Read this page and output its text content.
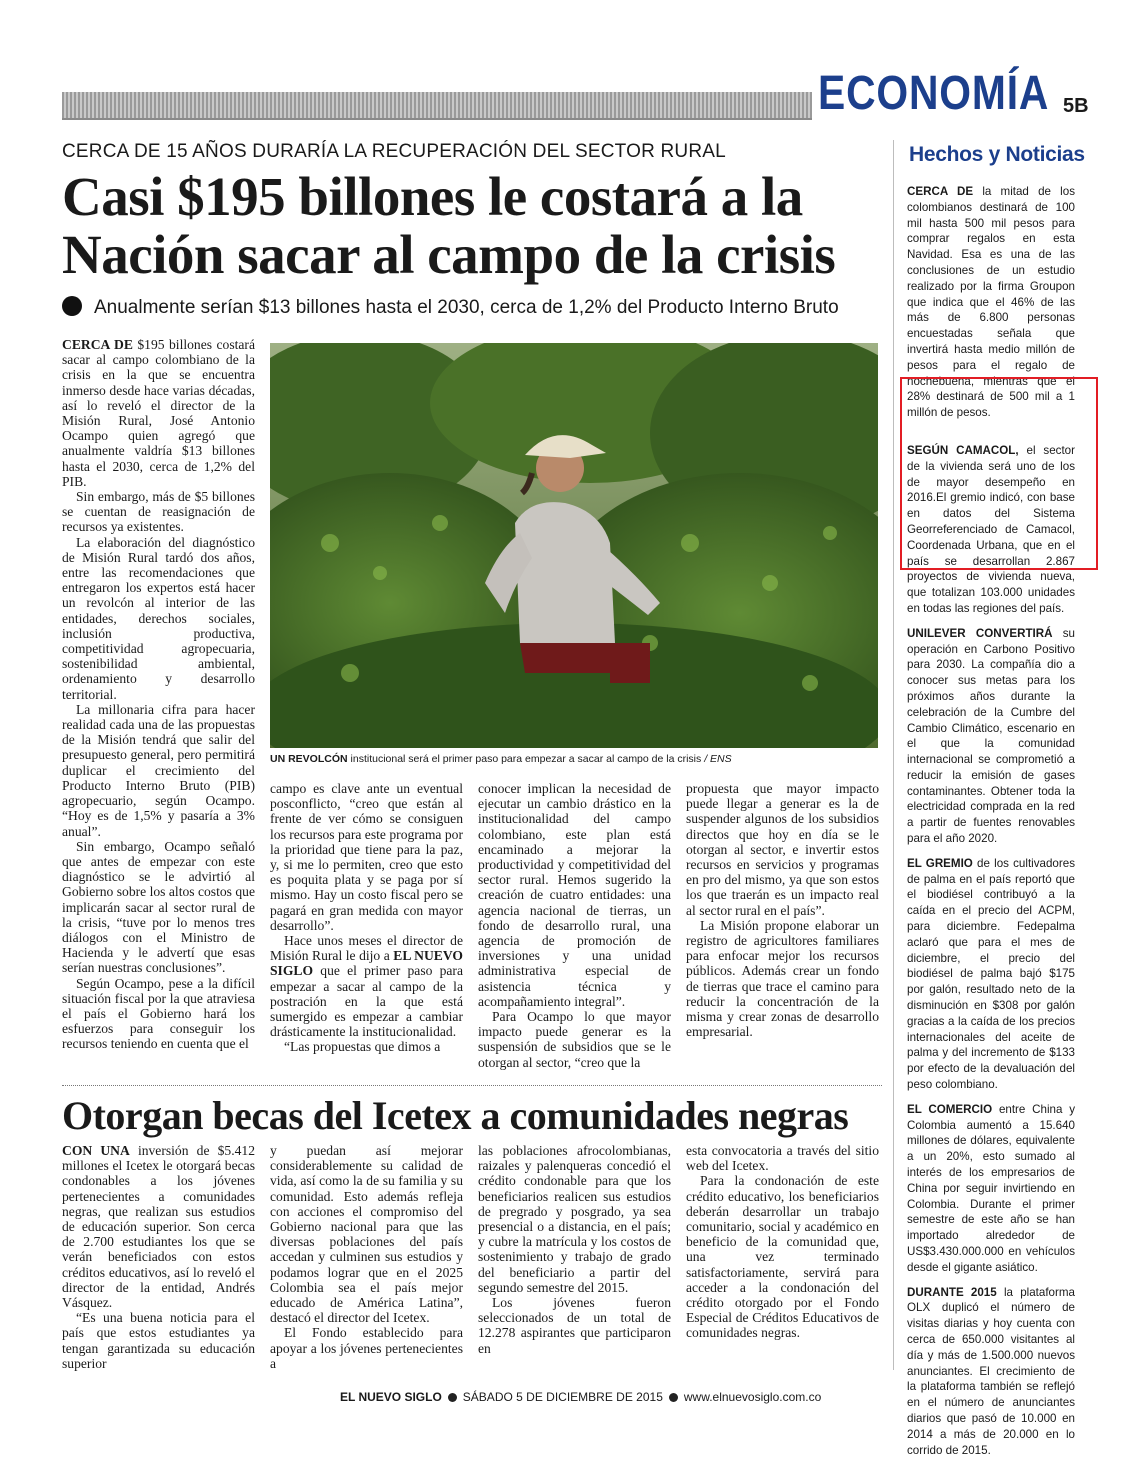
ECONOMÍA 5B
CERCA DE 15 AÑOS DURARÍA LA RECUPERACIÓN DEL SECTOR RURAL
Casi $195 billones le costará a la
Nación sacar al campo de la crisis
Anualmente serían $13 billones hasta el 2030, cerca de 1,2% del Producto Interno Bruto

CERCA DE $195 billones costará sacar al campo colombiano de la crisis en la que se encuentra inmerso desde hace varias décadas, así lo reveló el director de la Misión Rural, José Antonio Ocampo quien agregó que anualmente valdría $13 billones hasta el 2030, cerca de 1,2% del PIB.

Sin embargo, más de $5 billones se cuentan de reasignación de recursos ya existentes.

La elaboración del diagnóstico de Misión Rural tardó dos años, entre las recomendaciones que entregaron los expertos está hacer un revolcón al interior de las entidades, derechos sociales, inclusión productiva, competitividad agropecuaria, sostenibilidad ambiental, ordenamiento y desarrollo territorial.

La millonaria cifra para hacer realidad cada una de las propuestas de la Misión tendrá que salir del presupuesto general, pero permitirá duplicar el crecimiento del Producto Interno Bruto (PIB) agropecuario, según Ocampo. “Hoy es de 1,5% y pasaría a 3% anual”.

Sin embargo, Ocampo señaló que antes de empezar con este diagnóstico se le advirtió al Gobierno sobre los altos costos que implicarán sacar al sector rural de la crisis, “tuve por lo menos tres diálogos con el Ministro de Hacienda y le advertí que esas serían nuestras conclusiones”.

Según Ocampo, pese a la difícil situación fiscal por la que atraviesa el país el Gobierno hará los esfuerzos para conseguir los recursos teniendo en cuenta que el

UN REVOLCÓN institucional será el primer paso para empezar a sacar al campo de la crisis / ENS

campo es clave ante un eventual posconflicto, “creo que están al frente de ver cómo se consiguen los recursos para este programa por la prioridad que tiene para la paz, y, si me lo permiten, creo que esto es poquita plata y se paga por sí mismo. Hay un costo fiscal pero se pagará en gran medida con mayor desarrollo”.

Hace unos meses el director de Misión Rural le dijo a EL NUEVO SIGLO que el primer paso para empezar a sacar al campo de la postración en la que está sumergido es empezar a cambiar drásticamente la institucionalidad.

“Las propuestas que dimos a

conocer implican la necesidad de ejecutar un cambio drástico en la institucionalidad del campo colombiano, este plan está encaminado a mejorar la productividad y competitividad del sector rural. Hemos sugerido la creación de cuatro entidades: una agencia nacional de tierras, un fondo de desarrollo rural, una agencia de promoción de inversiones y una unidad administrativa especial de asistencia técnica y acompañamiento integral”.

Para Ocampo lo que mayor impacto puede generar es la suspensión de subsidios que se le otorgan al sector, “creo que la

propuesta que mayor impacto puede llegar a generar es la de suspender algunos de los subsidios directos que hoy en día se le otorgan al sector, e invertir estos recursos en servicios y programas en pro del mismo, ya que son estos los que traerán es un impacto real al sector rural en el país”.

La Misión propone elaborar un registro de agricultores familiares para enfocar mejor los recursos públicos. Además crear un fondo de tierras que trace el camino para reducir la concentración de la misma y crear zonas de desarrollo empresarial.

Hechos y Noticias

CERCA DE la mitad de los colombianos destinará de 100 mil hasta 500 mil pesos para comprar regalos en esta Navidad. Esa es una de las conclusiones de un estudio realizado por la firma Groupon que indica que el 46% de las más de 6.800 personas encuestadas señala que invertirá hasta medio millón de pesos para el regalo de nochebuena, mientras que el 28% destinará de 500 mil a 1 millón de pesos.

SEGÚN CAMACOL, el sector de la vivienda será uno de los de mayor desempeño en 2016.El gremio indicó, con base en datos del Sistema Georreferenciado de Camacol, Coordenada Urbana, que en el país se desarrollan 2.867 proyectos de vivienda nueva, que totalizan 103.000 unidades en todas las regiones del país.

UNILEVER CONVERTIRÁ su operación en Carbono Positivo para 2030. La compañía dio a conocer sus metas para los próximos años durante la celebración de la Cumbre del Cambio Climático, escenario en el que la comunidad internacional se comprometió a reducir la emisión de gases contaminantes. Obtener toda la electricidad comprada en la red a partir de fuentes renovables para el año 2020.

EL GREMIO de los cultivadores de palma en el país reportó que el biodiésel contribuyó a la caída en el precio del ACPM, para diciembre. Fedepalma aclaró que para el mes de diciembre, el precio del biodiésel de palma bajó $175 por galón, resultado neto de la disminución en $308 por galón gracias a la caída de los precios internacionales del aceite de palma y del incremento de $133 por efecto de la devaluación del peso colombiano.

EL COMERCIO entre China y Colombia aumentó a 15.640 millones de dólares, equivalente a un 20%, esto sumado al interés de los empresarios de China por seguir invirtiendo en Colombia. Durante el primer semestre de este año se han importado alrededor de US$3.430.000.000 en vehículos desde el gigante asiático.

DURANTE 2015 la plataforma OLX duplicó el número de visitas diarias y hoy cuenta con cerca de 650.000 visitantes al día y más de 1.500.000 nuevos anunciantes. El crecimiento de la plataforma también se reflejó en el número de anunciantes diarios que pasó de 10.000 en 2014 a más de 20.000 en lo corrido de 2015.

Otorgan becas del Icetex a comunidades negras

CON UNA inversión de $5.412 millones el Icetex le otorgará becas condonables a los jóvenes pertenecientes a comunidades negras, que realizan sus estudios de educación superior. Son cerca de 2.700 estudiantes los que se verán beneficiados con estos créditos educativos, así lo reveló el director de la entidad, Andrés Vásquez.

“Es una buena noticia para el país que estos estudiantes ya tengan garantizada su educación superior

y puedan así mejorar considerablemente su calidad de vida, así como la de su familia y su comunidad. Esto además refleja con acciones el compromiso del Gobierno nacional para que las diversas poblaciones del país accedan y culminen sus estudios y podamos lograr que en el 2025 Colombia sea el país mejor educado de América Latina”, destacó el director del Icetex.

El Fondo establecido para apoyar a los jóvenes pertenecientes a

las poblaciones afrocolombianas, raizales y palenqueras concedió el crédito condonable para que los beneficiarios realicen sus estudios de pregrado y posgrado, ya sea presencial o a distancia, en el país; y cubre la matrícula y los costos de sostenimiento y trabajo de grado del beneficiario a partir del segundo semestre del 2015.

Los jóvenes fueron seleccionados de un total de 12.278 aspirantes que participaron en

esta convocatoria a través del sitio web del Icetex.

Para la condonación de este crédito educativo, los beneficiarios deberán desarrollar un trabajo comunitario, social y académico en beneficio de la comunidad que, una vez terminado satisfactoriamente, servirá para acceder a la condonación del crédito otorgado por el Fondo Especial de Créditos Educativos de comunidades negras.

EL NUEVO SIGLO SÁBADO 5 DE DICIEMBRE DE 2015 www.elnuevosiglo.com.co
